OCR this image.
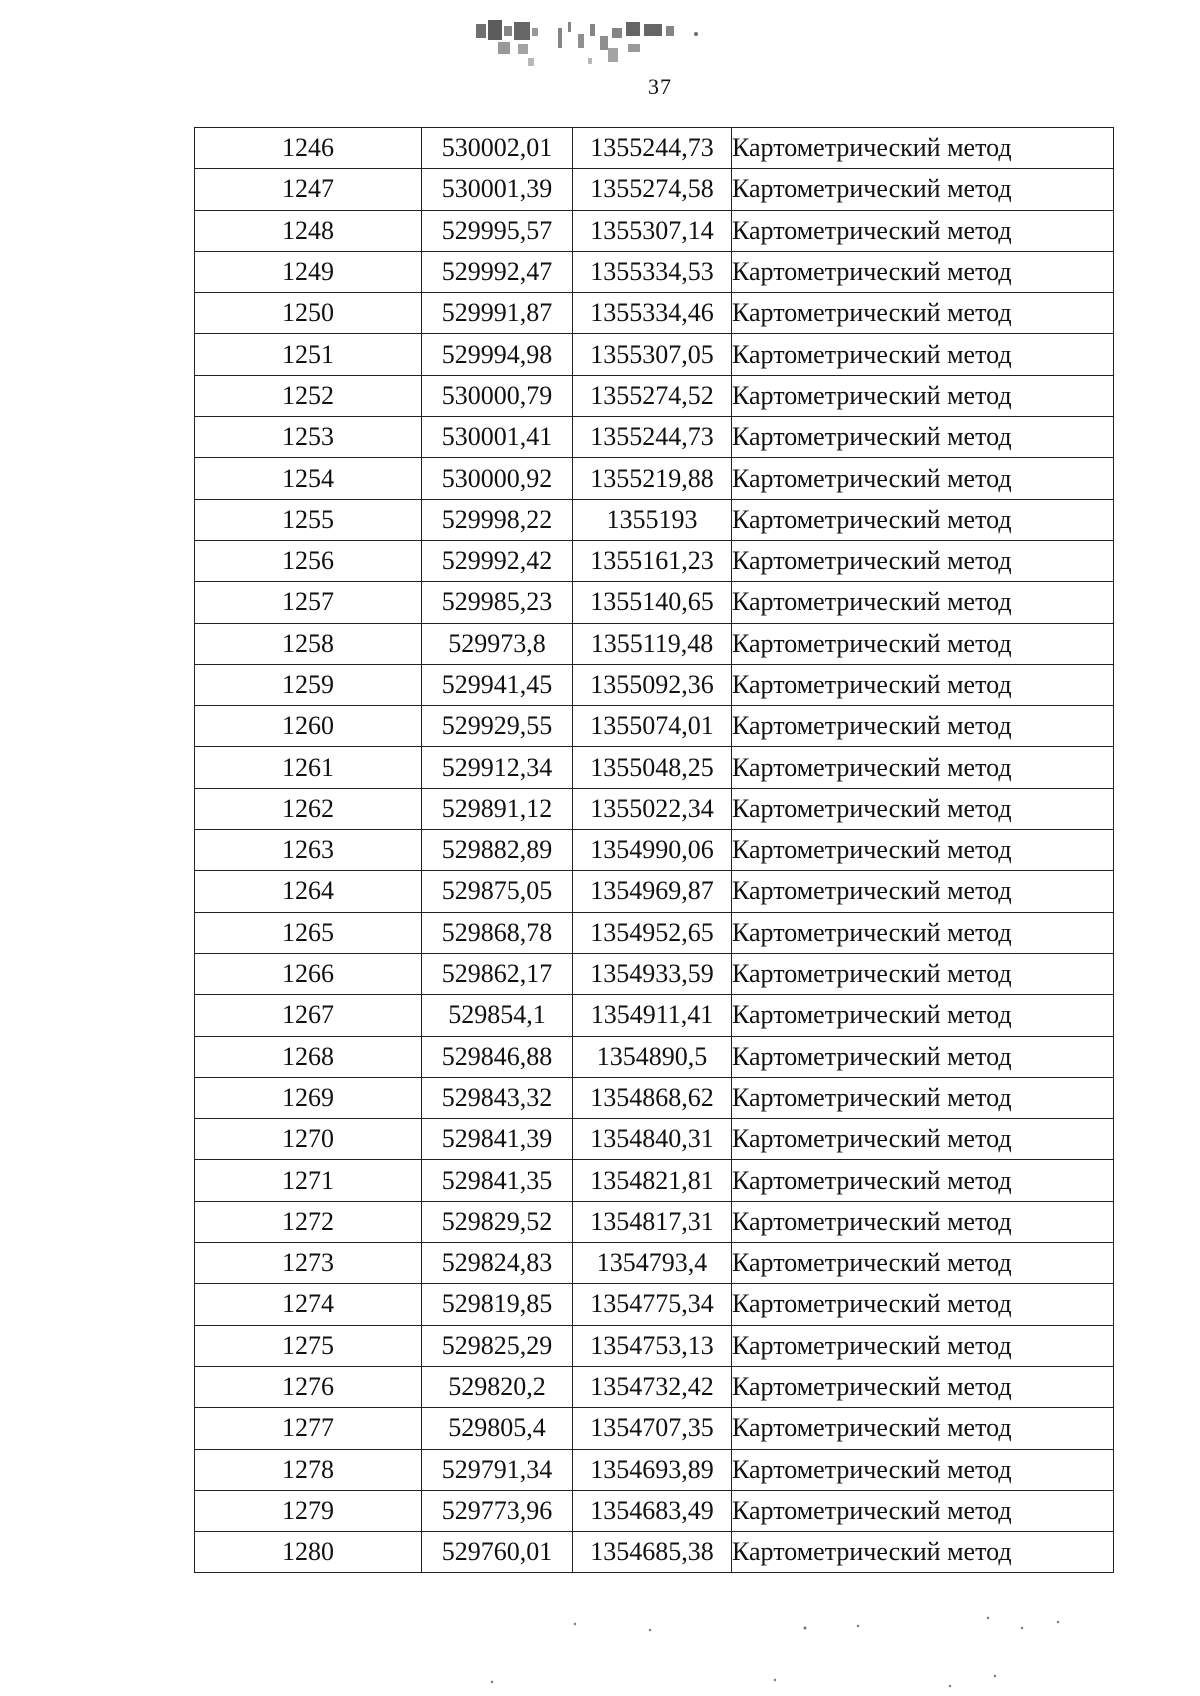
37
1246	530002,01	1355244,73	Картометрический метод
1247	530001,39	1355274,58	Картометрический метод
1248	529995,57	1355307,14	Картометрический метод
1249	529992,47	1355334,53	Картометрический метод
1250	529991,87	1355334,46	Картометрический метод
1251	529994,98	1355307,05	Картометрический метод
1252	530000,79	1355274,52	Картометрический метод
1253	530001,41	1355244,73	Картометрический метод
1254	530000,92	1355219,88	Картометрический метод
1255	529998,22	1355193	Картометрический метод
1256	529992,42	1355161,23	Картометрический метод
1257	529985,23	1355140,65	Картометрический метод
1258	529973,8	1355119,48	Картометрический метод
1259	529941,45	1355092,36	Картометрический метод
1260	529929,55	1355074,01	Картометрический метод
1261	529912,34	1355048,25	Картометрический метод
1262	529891,12	1355022,34	Картометрический метод
1263	529882,89	1354990,06	Картометрический метод
1264	529875,05	1354969,87	Картометрический метод
1265	529868,78	1354952,65	Картометрический метод
1266	529862,17	1354933,59	Картометрический метод
1267	529854,1	1354911,41	Картометрический метод
1268	529846,88	1354890,5	Картометрический метод
1269	529843,32	1354868,62	Картометрический метод
1270	529841,39	1354840,31	Картометрический метод
1271	529841,35	1354821,81	Картометрический метод
1272	529829,52	1354817,31	Картометрический метод
1273	529824,83	1354793,4	Картометрический метод
1274	529819,85	1354775,34	Картометрический метод
1275	529825,29	1354753,13	Картометрический метод
1276	529820,2	1354732,42	Картометрический метод
1277	529805,4	1354707,35	Картометрический метод
1278	529791,34	1354693,89	Картометрический метод
1279	529773,96	1354683,49	Картометрический метод
1280	529760,01	1354685,38	Картометрический метод
